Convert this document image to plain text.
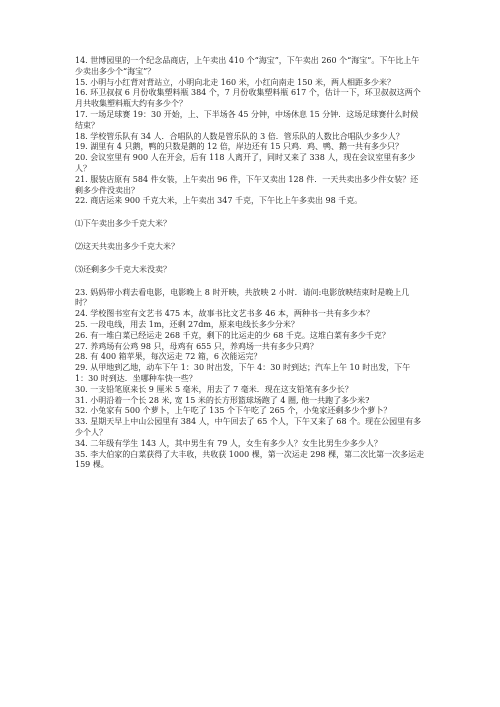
14. 世博园里的一个纪念品商店，上午卖出 410 个“海宝”，下午卖出 260 个“海宝”。下午比上午少卖出多少个“海宝”？

15. 小明与小红背对背站立，小明向北走 160 米，小红向南走 150 米，两人相距多少米？

16. 环卫叔叔 6 月份收集塑料瓶 384 个，7 月份收集塑料瓶 617 个，估计一下，环卫叔叔这两个月共收集塑料瓶大约有多少个？

17. 一场足球赛 19：30 开始，上、下半场各 45 分钟，中场休息 15 分钟．这场足球赛什么时候结束？

18. 学校管乐队有 34 人．合唱队的人数是管乐队的 3 倍．管乐队的人数比合唱队少多少人？

19. 湖里有 4 只鹅，鸭的只数是鹅的 12 倍，岸边还有 15 只鸡．鸡、鸭、鹅一共有多少只？

20. 会议室里有 900 人在开会，后有 118 人离开了，同时又来了 338 人，现在会议室里有多少人？

21. 服装店原有 584 件女装，上午卖出 96 件，下午又卖出 128 件．一天共卖出多少件女装？还剩多少件没卖出？

22. 商店运来 900 千克大米，上午卖出 347 千克，下午比上午多卖出 98 千克。

⑴下午卖出多少千克大米？

⑵这天共卖出多少千克大米？

⑶还剩多少千克大米没卖？

23. 妈妈带小莉去看电影，电影晚上 8 时开映，共放映 2 小时．请问:电影放映结束时是晚上几时？

24. 学校图书室有文艺书 475 本，故事书比文艺书多 46 本，两种书一共有多少本？

25. 一段电线，用去 1m，还剩 27dm，原来电线长多少分米？

26. 有一堆白菜已经运走 268 千克，剩下的比运走的少 68 千克。这堆白菜有多少千克？

27. 养鸡场有公鸡 98 只，母鸡有 655 只，养鸡场一共有多少只鸡？

28. 有 400 箱苹果，每次运走 72 箱，6 次能运完？

29. 从甲地到乙地，动车下午 1：30 时出发，下午 4：30 时到达；汽车上午 10 时出发，下午 1：30 时到达．坐哪种车快一些？

30. 一支铅笔原来长 9 厘米 5 毫米，用去了 7 毫米．现在这支铅笔有多少长？

31. 小明沿着一个长 28 米, 宽 15 米的长方形篮球场跑了 4 圈, 他一共跑了多少米?

32. 小兔家有 500 个萝卜，上午吃了 135 个下午吃了 265 个，小兔家还剩多少个萝卜？

33. 星期天早上中山公园里有 384 人，中午回去了 65 个人，下午又来了 68 个。现在公园里有多少个人？

34. 二年级有学生 143 人，其中男生有 79 人，女生有多少人？女生比男生少多少人？

35. 李大伯家的白菜获得了大丰收，共收获 1000 棵，第一次运走 298 棵，第二次比第一次多运走 159 棵。
